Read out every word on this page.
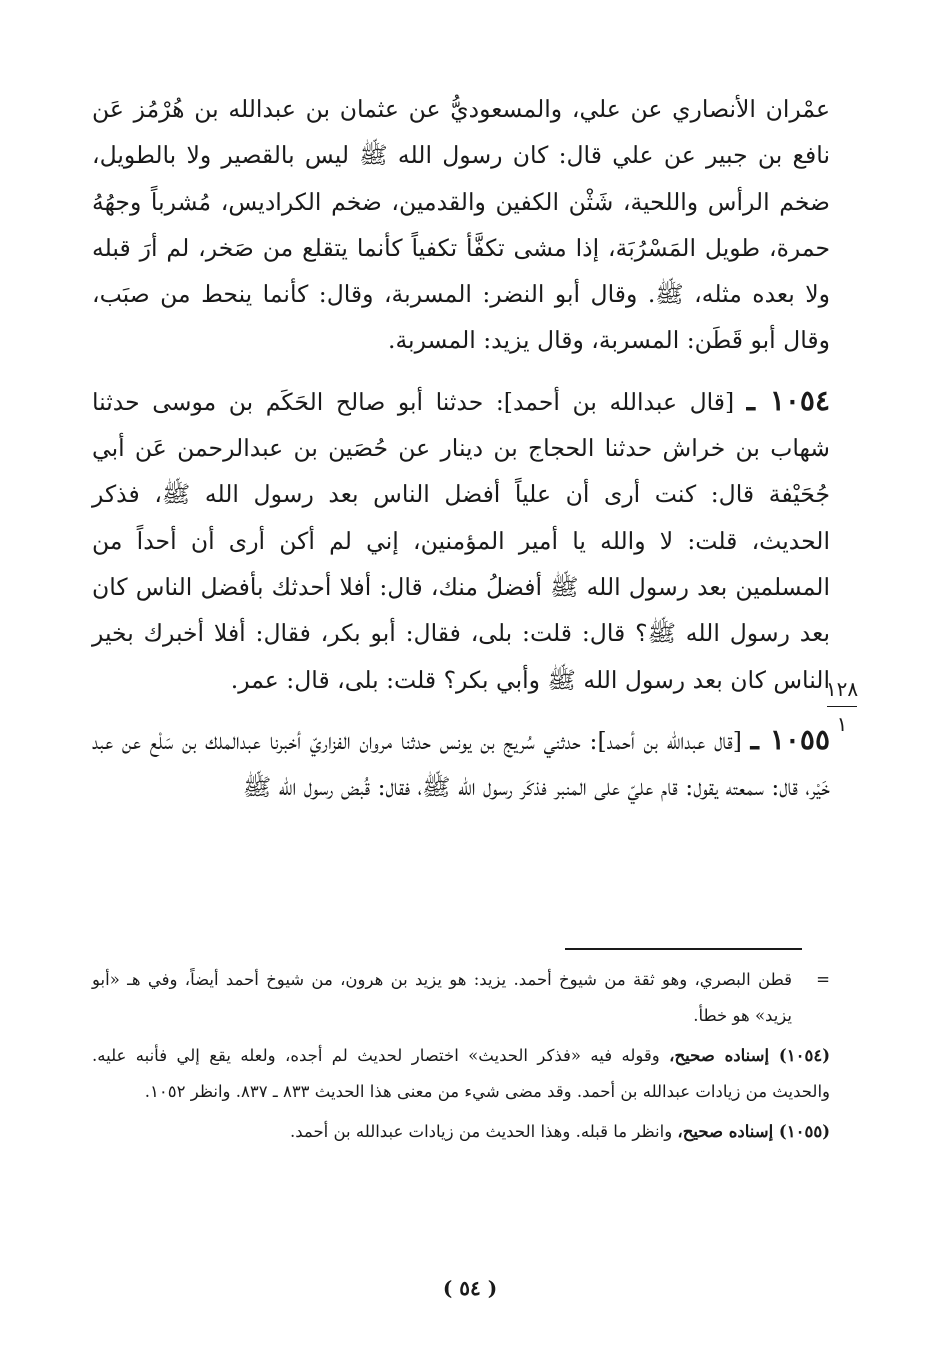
عمْران الأنصاري عن علي، والمسعوديُّ عن عثمان بن عبدالله بن هُرْمُز عَن نافع بن جبير عن علي قال: كان رسول الله ﷺ ليس بالقصير ولا بالطويل، ضخم الرأس واللحية، شَثْن الكفين والقدمين، ضخم الكراديس، مُشرباً وجهُهُ حمرة، طويل المَسْرُبَة، إذا مشى تكفَّأ تكفياً كأنما يتقلع من صَخر، لم أرَ قبله ولا بعده مثله، ﷺ. وقال أبو النضر: المسربة، وقال: كأنما ينحط من صبَب، وقال أبو قَطَن: المسربة، وقال يزيد: المسربة.

١٠٥٤ ـ [قال عبدالله بن أحمد]: حدثنا أبو صالح الحَكَم بن موسى حدثنا شهاب بن خراش حدثنا الحجاج بن دينار عن حُصَين بن عبدالرحمن عَن أبي جُحَيْفة قال: كنت أرى أن علياً أفضل الناس بعد رسول الله ﷺ، فذكر الحديث، قلت: لا والله يا أمير المؤمنين، إني لم أكن أرى أن أحداً من المسلمين بعد رسول الله ﷺ أفضلُ منك، قال: أفلا أحدثك بأفضل الناس كان بعد رسول الله ﷺ؟ قال: قلت: بلى، فقال: أبو بكر، فقال: أفلا أخبرك بخير الناس كان بعد رسول الله ﷺ وأبي بكر؟ قلت: بلى، قال: عمر.

١٠٥٥ ـ [قال عبدالله بن أحمد]: حدثني سُريج بن يونس حدثنا مروان الفزاريّ أخبرنا عبدالملك بن سَلْع عن عبد خَيْر، قال: سمعته يقول: قام عليّ على المنبر فذكَر رسول الله ﷺ، فقال: قُبض رسول الله ﷺ

١٢٨
١

=
قطن البصري، وهو ثقة من شيوخ أحمد. يزيد: هو يزيد بن هرون، من شيوخ أحمد أيضاً، وفي هـ «أبو يزيد» هو خطأ.

(١٠٥٤) إسناده صحيح، وقوله فيه «فذكر الحديث» اختصار لحديث لم أجده، ولعله يقع إلي فأنبه عليه. والحديث من زيادات عبدالله بن أحمد. وقد مضى شيء من معنى هذا الحديث ٨٣٣ ـ ٨٣٧. وانظر ١٠٥٢.

(١٠٥٥) إسناده صحيح، وانظر ما قبله. وهذا الحديث من زيادات عبدالله بن أحمد.

( ٥٤ )
